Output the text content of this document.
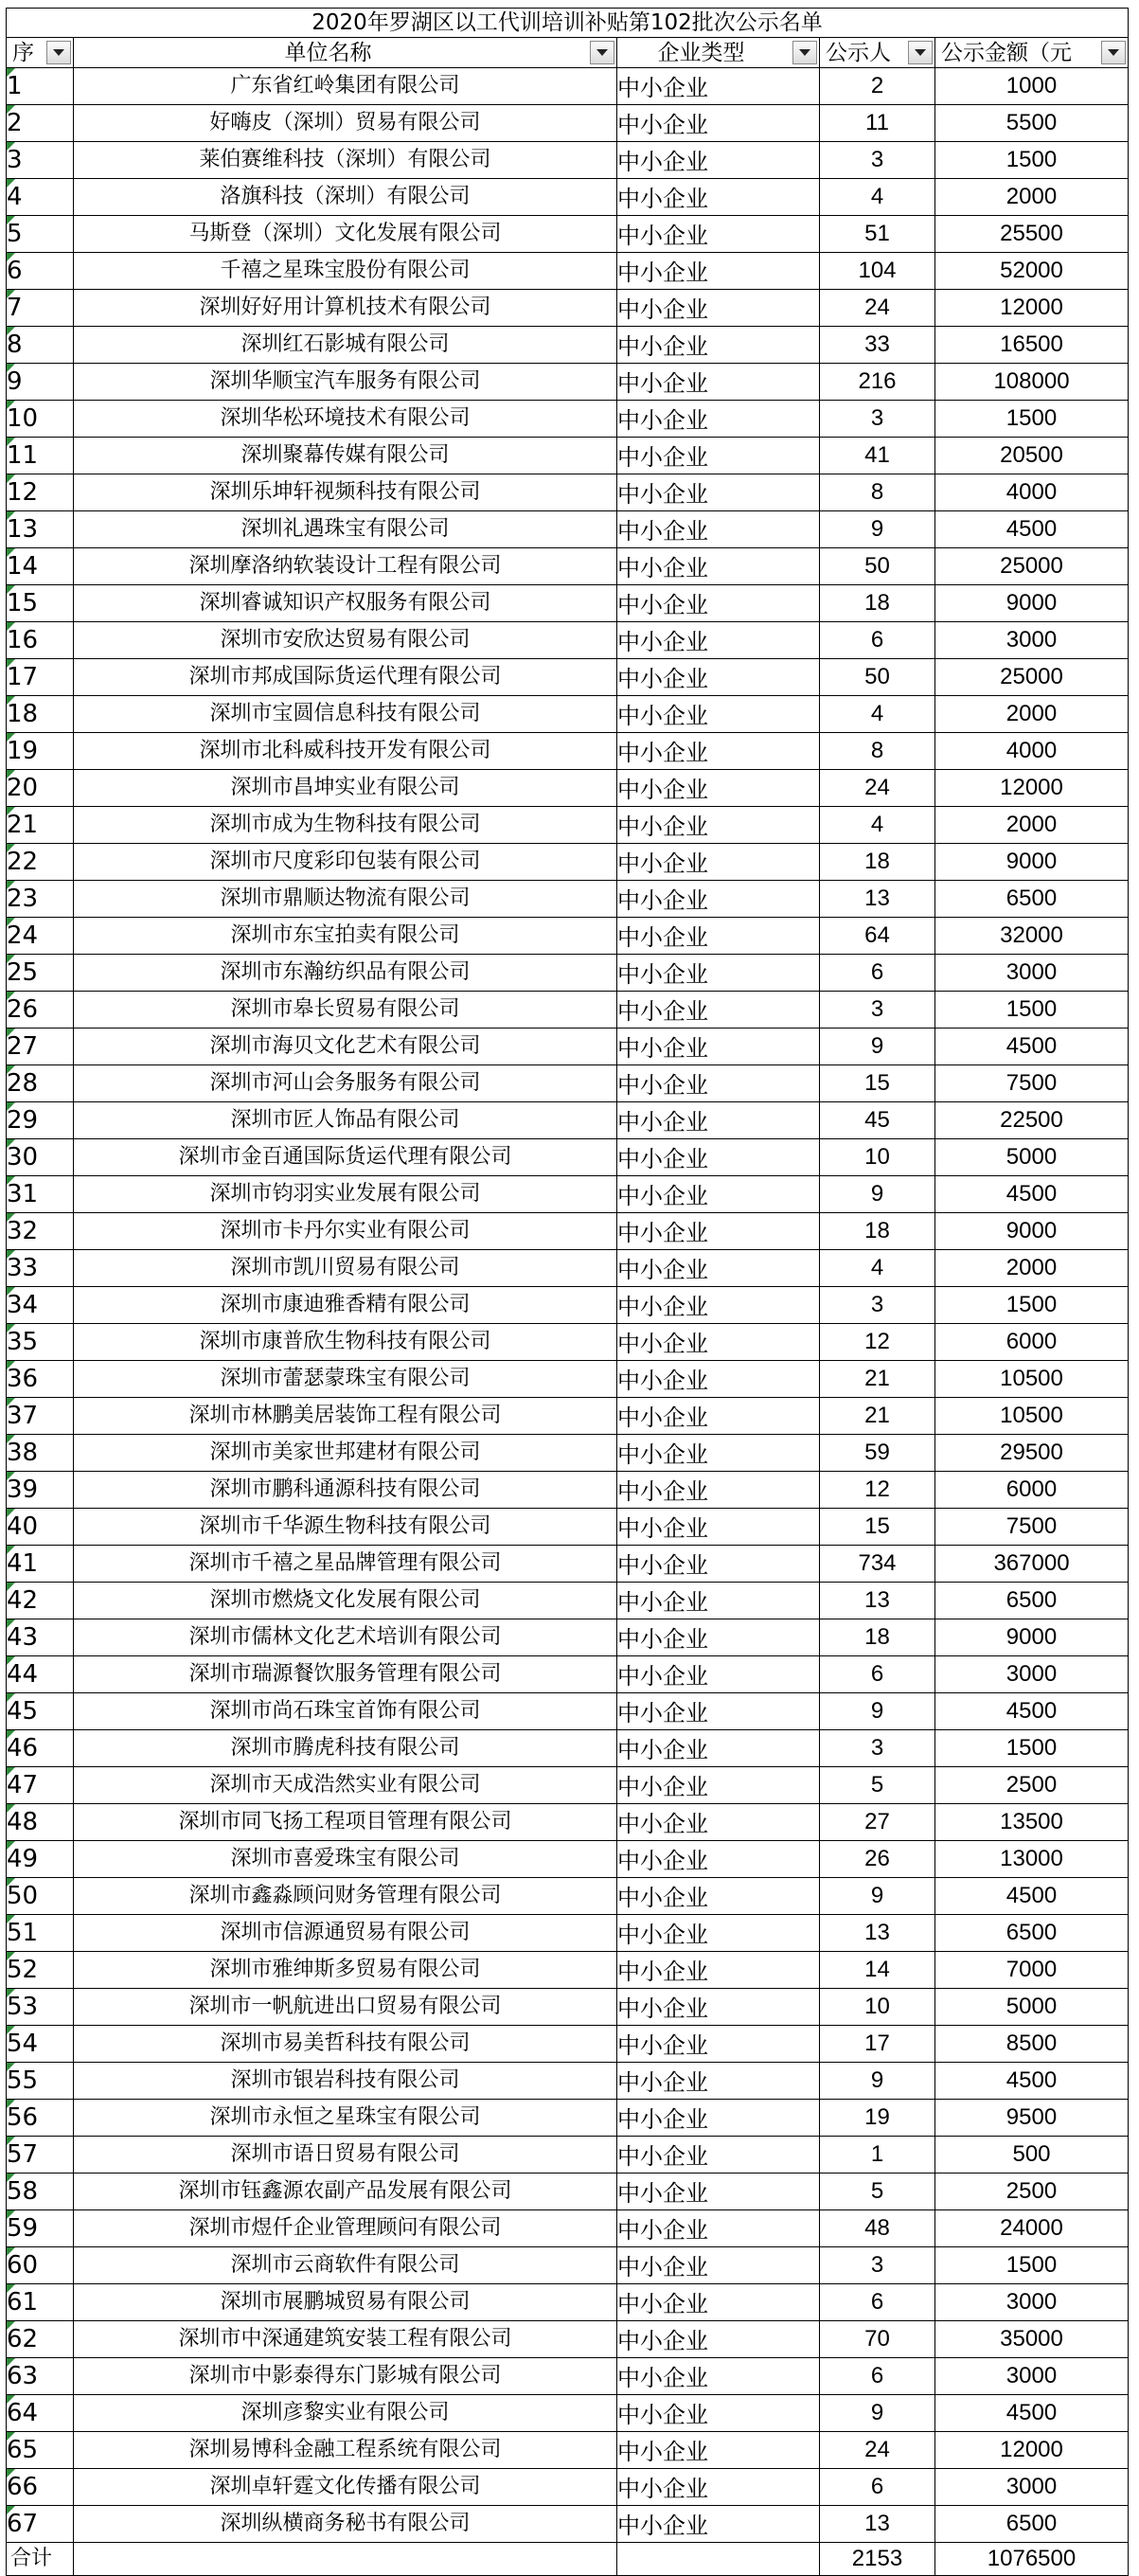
2020年罗湖区以工代训培训补贴第102批次公示名单				

序	单位名称	企业类型	公示人	公示金额（元

1	广东省红岭集团有限公司	中小企业	2	1000

2	好嗨皮（深圳）贸易有限公司	中小企业	11	5500

3	莱伯赛维科技（深圳）有限公司	中小企业	3	1500

4	洛旗科技（深圳）有限公司	中小企业	4	2000

5	马斯登（深圳）文化发展有限公司	中小企业	51	25500

6	千禧之星珠宝股份有限公司	中小企业	104	52000

7	深圳好好用计算机技术有限公司	中小企业	24	12000

8	深圳红石影城有限公司	中小企业	33	16500

9	深圳华顺宝汽车服务有限公司	中小企业	216	108000

10	深圳华松环境技术有限公司	中小企业	3	1500

11	深圳聚幕传媒有限公司	中小企业	41	20500

12	深圳乐坤轩视频科技有限公司	中小企业	8	4000

13	深圳礼遇珠宝有限公司	中小企业	9	4500

14	深圳摩洛纳软装设计工程有限公司	中小企业	50	25000

15	深圳睿诚知识产权服务有限公司	中小企业	18	9000

16	深圳市安欣达贸易有限公司	中小企业	6	3000

17	深圳市邦成国际货运代理有限公司	中小企业	50	25000

18	深圳市宝圆信息科技有限公司	中小企业	4	2000

19	深圳市北科威科技开发有限公司	中小企业	8	4000

20	深圳市昌坤实业有限公司	中小企业	24	12000

21	深圳市成为生物科技有限公司	中小企业	4	2000

22	深圳市尺度彩印包装有限公司	中小企业	18	9000

23	深圳市鼎顺达物流有限公司	中小企业	13	6500

24	深圳市东宝拍卖有限公司	中小企业	64	32000

25	深圳市东瀚纺织品有限公司	中小企业	6	3000

26	深圳市皋长贸易有限公司	中小企业	3	1500

27	深圳市海贝文化艺术有限公司	中小企业	9	4500

28	深圳市河山会务服务有限公司	中小企业	15	7500

29	深圳市匠人饰品有限公司	中小企业	45	22500

30	深圳市金百通国际货运代理有限公司	中小企业	10	5000

31	深圳市钧羽实业发展有限公司	中小企业	9	4500

32	深圳市卡丹尔实业有限公司	中小企业	18	9000

33	深圳市凯川贸易有限公司	中小企业	4	2000

34	深圳市康迪雅香精有限公司	中小企业	3	1500

35	深圳市康普欣生物科技有限公司	中小企业	12	6000

36	深圳市蕾瑟蒙珠宝有限公司	中小企业	21	10500

37	深圳市林鹏美居装饰工程有限公司	中小企业	21	10500

38	深圳市美家世邦建材有限公司	中小企业	59	29500

39	深圳市鹏科通源科技有限公司	中小企业	12	6000

40	深圳市千华源生物科技有限公司	中小企业	15	7500

41	深圳市千禧之星品牌管理有限公司	中小企业	734	367000

42	深圳市燃烧文化发展有限公司	中小企业	13	6500

43	深圳市儒林文化艺术培训有限公司	中小企业	18	9000

44	深圳市瑞源餐饮服务管理有限公司	中小企业	6	3000

45	深圳市尚石珠宝首饰有限公司	中小企业	9	4500

46	深圳市腾虎科技有限公司	中小企业	3	1500

47	深圳市天成浩然实业有限公司	中小企业	5	2500

48	深圳市同飞扬工程项目管理有限公司	中小企业	27	13500

49	深圳市喜爱珠宝有限公司	中小企业	26	13000

50	深圳市鑫淼顾问财务管理有限公司	中小企业	9	4500

51	深圳市信源通贸易有限公司	中小企业	13	6500

52	深圳市雅绅斯多贸易有限公司	中小企业	14	7000

53	深圳市一帆航进出口贸易有限公司	中小企业	10	5000

54	深圳市易美哲科技有限公司	中小企业	17	8500

55	深圳市银岩科技有限公司	中小企业	9	4500

56	深圳市永恒之星珠宝有限公司	中小企业	19	9500

57	深圳市语日贸易有限公司	中小企业	1	500

58	深圳市钰鑫源农副产品发展有限公司	中小企业	5	2500

59	深圳市煜仟企业管理顾问有限公司	中小企业	48	24000

60	深圳市云商软件有限公司	中小企业	3	1500

61	深圳市展鹏城贸易有限公司	中小企业	6	3000

62	深圳市中深通建筑安装工程有限公司	中小企业	70	35000

63	深圳市中影泰得东门影城有限公司	中小企业	6	3000

64	深圳彦黎实业有限公司	中小企业	9	4500

65	深圳易博科金融工程系统有限公司	中小企业	24	12000

66	深圳卓轩霆文化传播有限公司	中小企业	6	3000

67	深圳纵横商务秘书有限公司	中小企业	13	6500
合计			2153	1076500
